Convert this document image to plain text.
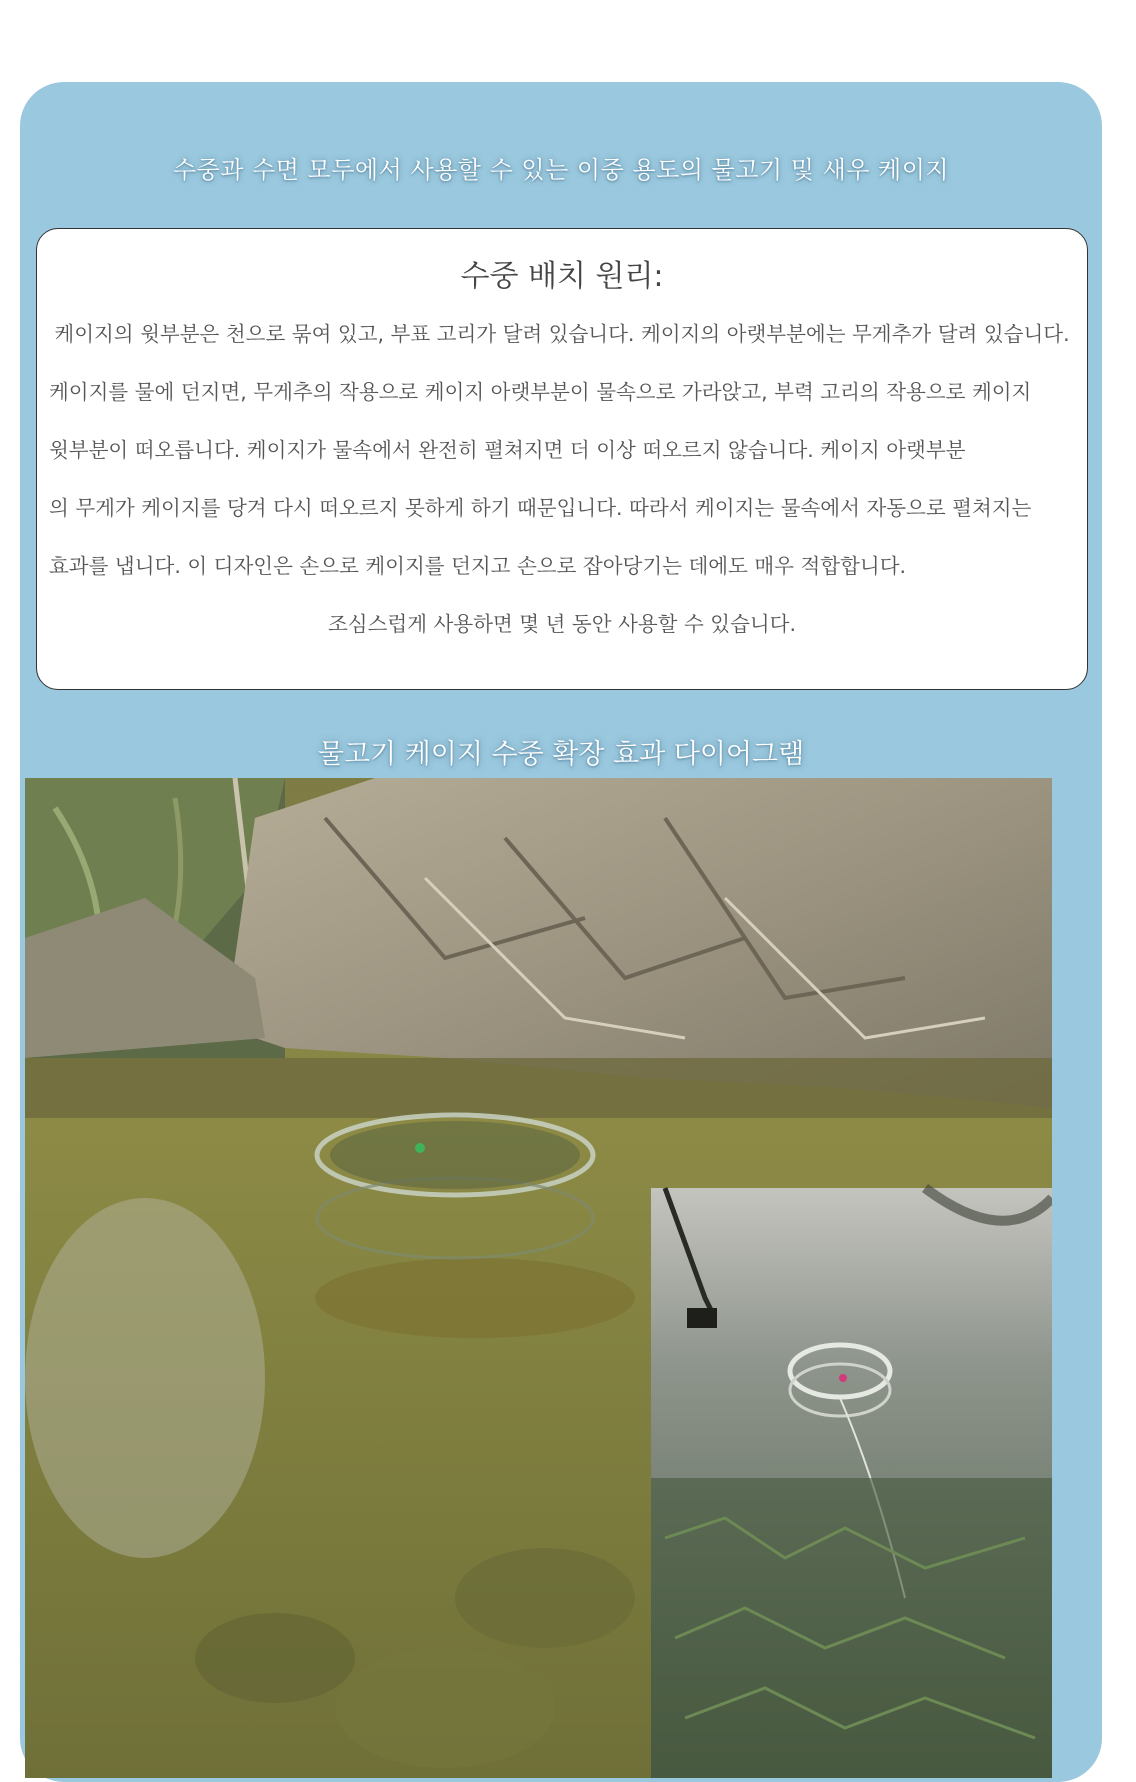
수중과 수면 모두에서 사용할 수 있는 이중 용도의 물고기 및 새우 케이지
수중 배치 원리:
케이지의 윗부분은 천으로 묶여 있고, 부표 고리가 달려 있습니다. 케이지의 아랫부분에는 무게추가 달려 있습니다.
케이지를 물에 던지면, 무게추의 작용으로 케이지 아랫부분이 물속으로 가라앉고, 부력 고리의 작용으로 케이지
윗부분이 떠오릅니다. 케이지가 물속에서 완전히 펼쳐지면 더 이상 떠오르지 않습니다. 케이지 아랫부분
의 무게가 케이지를 당겨 다시 떠오르지 못하게 하기 때문입니다. 따라서 케이지는 물속에서 자동으로 펼쳐지는
효과를 냅니다. 이 디자인은 손으로 케이지를 던지고 손으로 잡아당기는 데에도 매우 적합합니다.
조심스럽게 사용하면 몇 년 동안 사용할 수 있습니다.
물고기 케이지 수중 확장 효과 다이어그램
